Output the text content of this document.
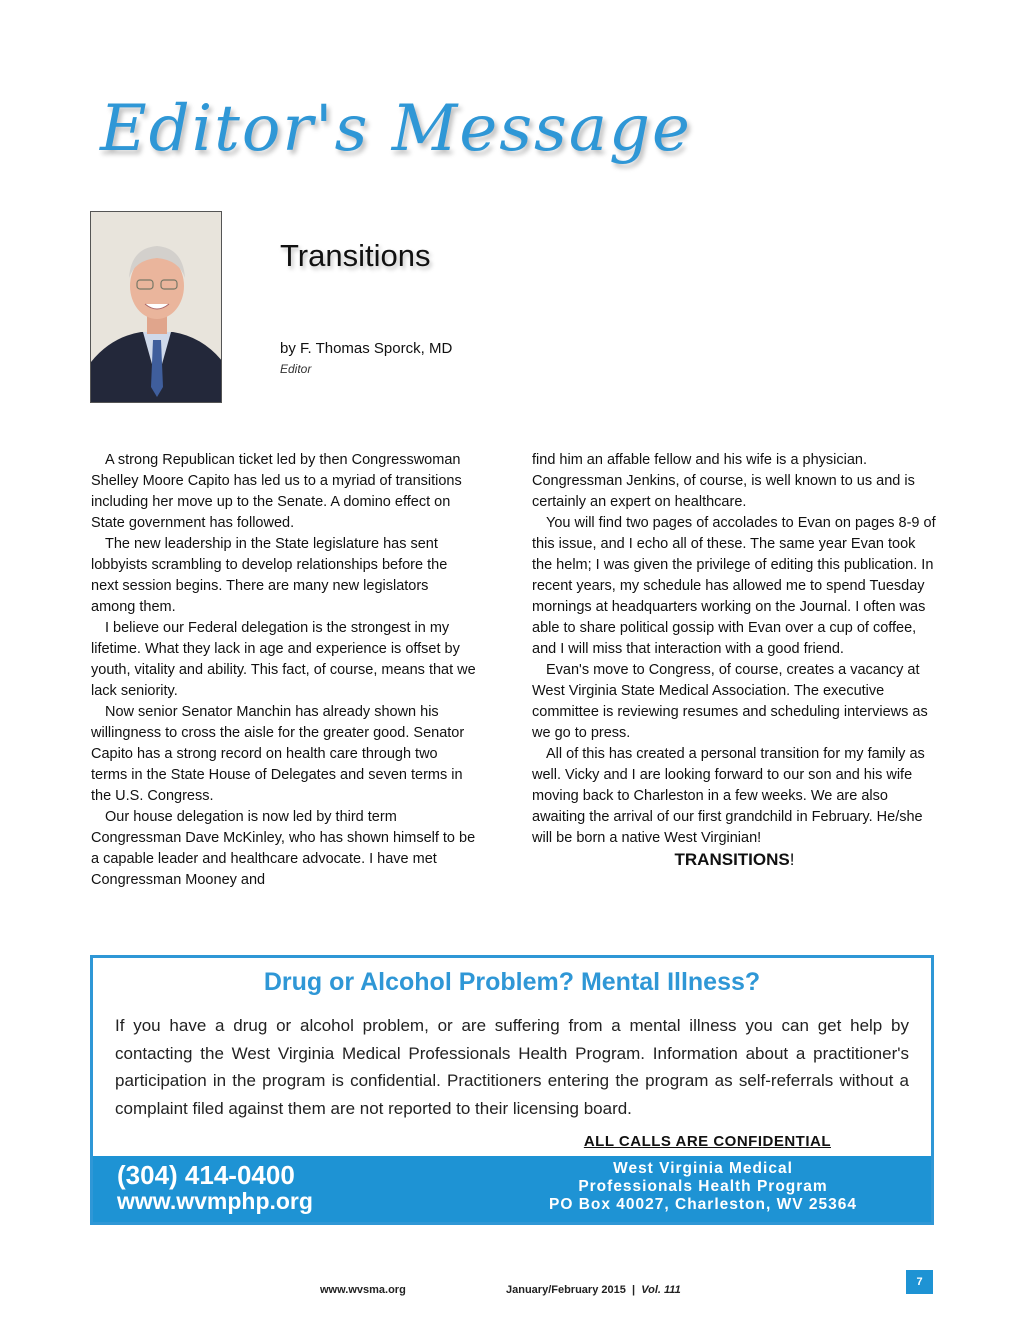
Editor's Message
Transitions
by F. Thomas Sporck, MD
Editor

A strong Republican ticket led by then Congresswoman Shelley Moore Capito has led us to a myriad of transitions including her move up to the Senate. A domino effect on State government has followed.

The new leadership in the State legislature has sent lobbyists scrambling to develop relationships before the next session begins. There are many new legislators among them.

I believe our Federal delegation is the strongest in my lifetime. What they lack in age and experience is offset by youth, vitality and ability. This fact, of course, means that we lack seniority.

Now senior Senator Manchin has already shown his willingness to cross the aisle for the greater good. Senator Capito has a strong record on health care through two terms in the State House of Delegates and seven terms in the U.S. Congress.

Our house delegation is now led by third term Congressman Dave McKinley, who has shown himself to be a capable leader and healthcare advocate. I have met Congressman Mooney and

find him an affable fellow and his wife is a physician. Congressman Jenkins, of course, is well known to us and is certainly an expert on healthcare.

You will find two pages of accolades to Evan on pages 8-9 of this issue, and I echo all of these. The same year Evan took the helm; I was given the privilege of editing this publication. In recent years, my schedule has allowed me to spend Tuesday mornings at headquarters working on the Journal. I often was able to share political gossip with Evan over a cup of coffee, and I will miss that interaction with a good friend.

Evan's move to Congress, of course, creates a vacancy at West Virginia State Medical Association. The executive committee is reviewing resumes and scheduling interviews as we go to press.

All of this has created a personal transition for my family as well. Vicky and I are looking forward to our son and his wife moving back to Charleston in a few weeks. We are also awaiting the arrival of our first grandchild in February. He/she will be born a native West Virginian!

TRANSITIONS!

Drug or Alcohol Problem? Mental Illness?
If you have a drug or alcohol problem, or are suffering from a mental illness you can get help by contacting the West Virginia Medical Professionals Health Program. Information about a practitioner's participation in the program is confidential. Practitioners entering the program as self-referrals without a complaint filed against them are not reported to their licensing board.
ALL CALLS ARE CONFIDENTIAL
(304) 414-0400
www.wvmphp.org
West Virginia Medical
Professionals Health Program
PO Box 40027, Charleston, WV 25364
www.wvsma.org	January/February 2015 | Vol. 111
7
